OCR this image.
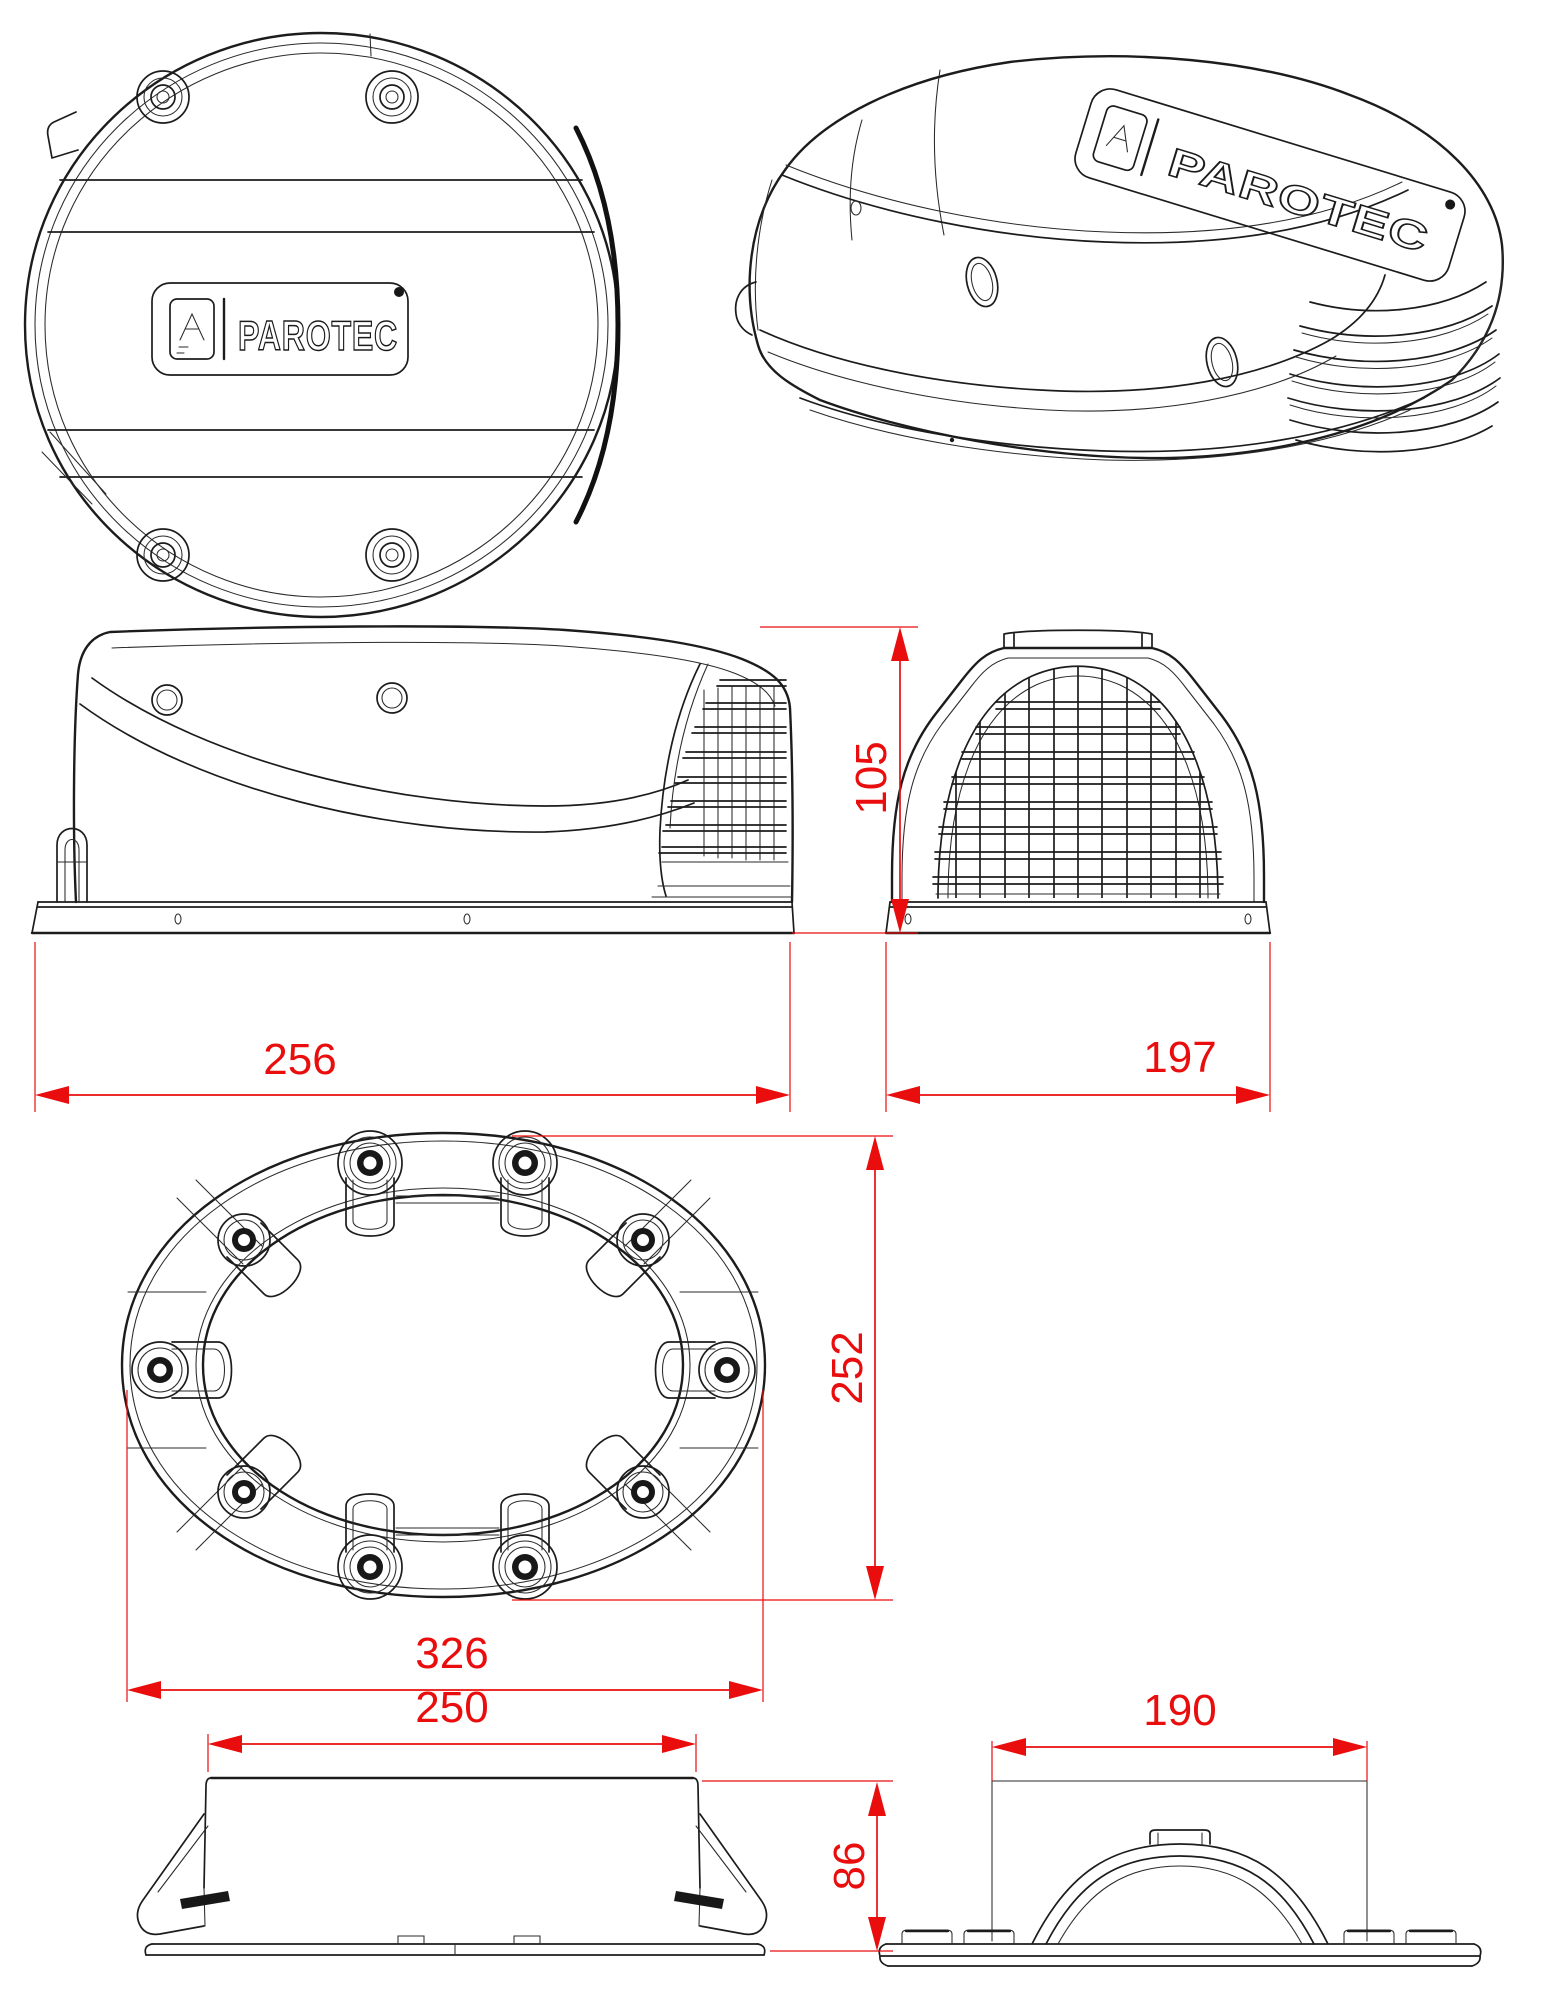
PAROTEC
PAROTEC
105
256	197
252
326
250
86
190
